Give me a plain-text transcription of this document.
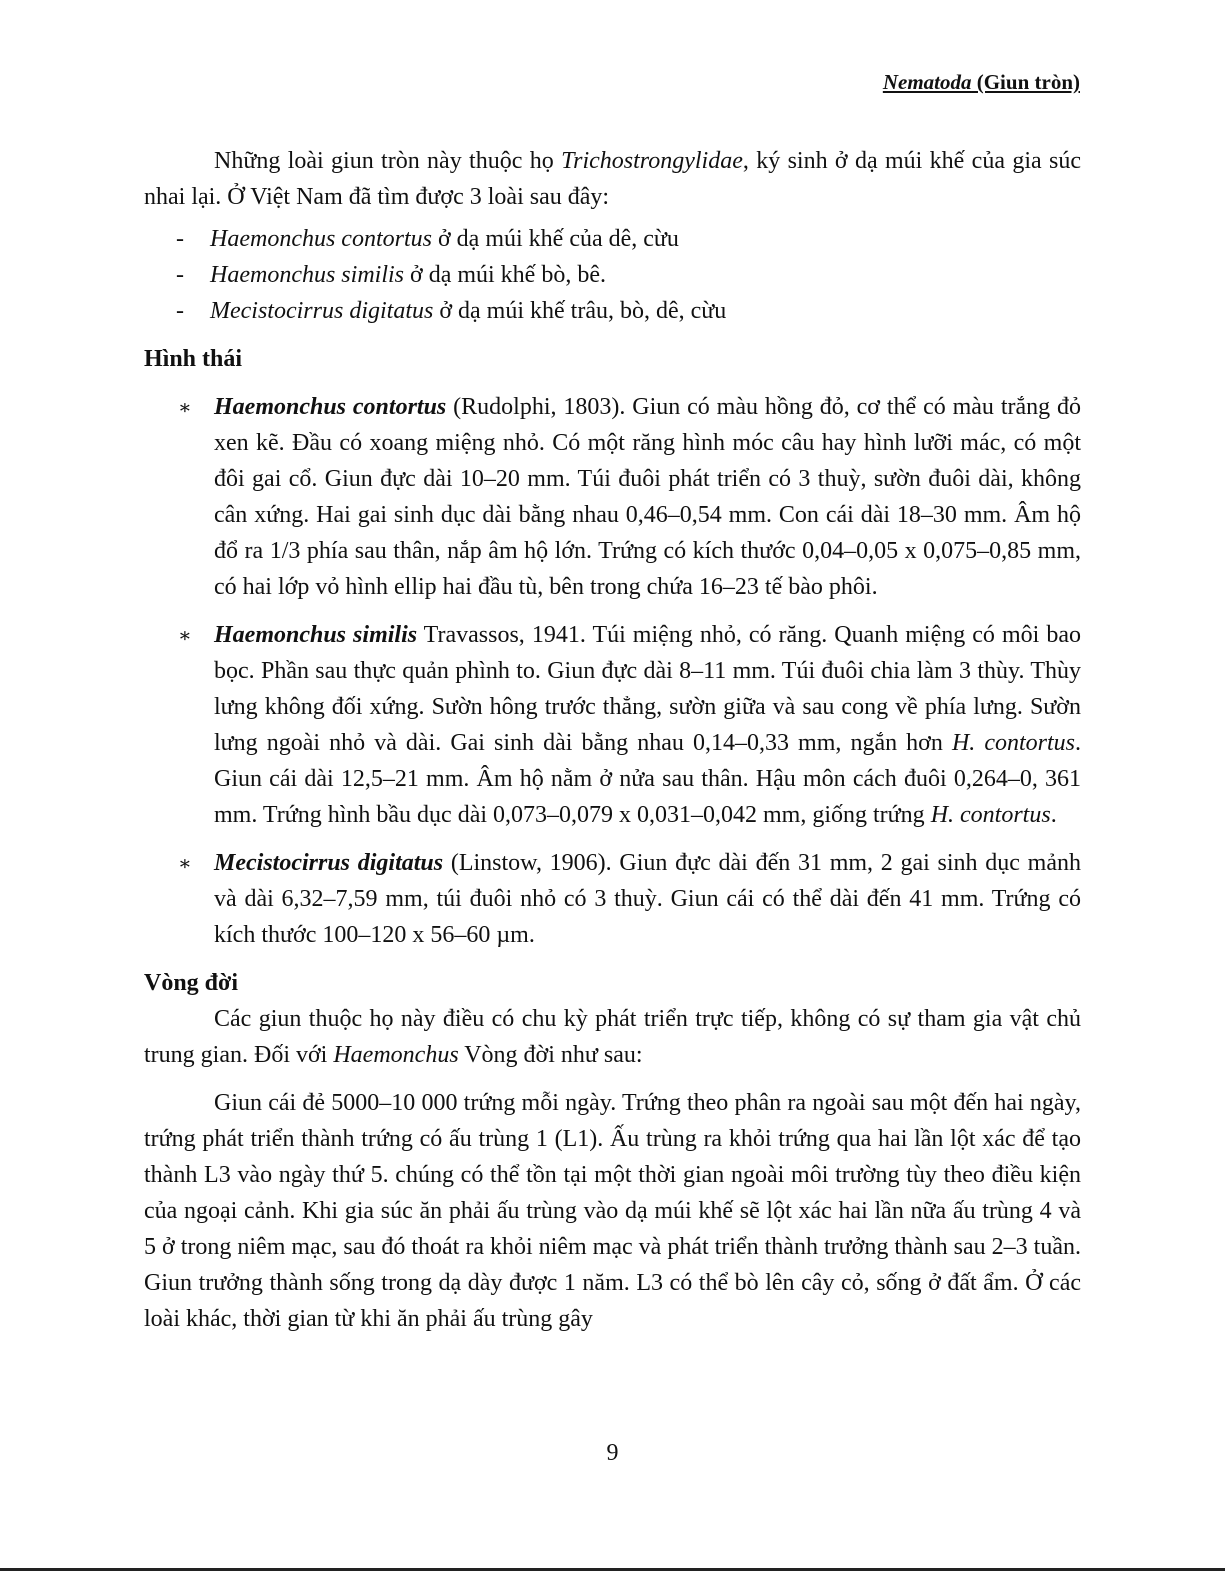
Nematoda (Giun tròn)

Những loài giun tròn này thuộc họ Trichostrongylidae, ký sinh ở dạ múi khế của gia súc nhai lại. Ở Việt Nam đã tìm được 3 loài sau đây:

- Haemonchus contortus ở dạ múi khế của dê, cừu
- Haemonchus similis ở dạ múi khế bò, bê.
- Mecistocirrus digitatus ở dạ múi khế trâu, bò, dê, cừu
Hình thái
∗ Haemonchus contortus (Rudolphi, 1803). Giun có màu hồng đỏ, cơ thể có màu trắng đỏ xen kẽ. Đầu có xoang miệng nhỏ. Có một răng hình móc câu hay hình lưỡi mác, có một đôi gai cổ. Giun đực dài 10–20 mm. Túi đuôi phát triển có 3 thuỳ, sườn đuôi dài, không cân xứng. Hai gai sinh dục dài bằng nhau 0,46–0,54 mm. Con cái dài 18–30 mm. Âm hộ đổ ra 1/3 phía sau thân, nắp âm hộ lớn. Trứng có kích thước 0,04–0,05 x 0,075–0,85 mm, có hai lớp vỏ hình ellip hai đầu tù, bên trong chứa 16–23 tế bào phôi.
∗ Haemonchus similis Travassos, 1941. Túi miệng nhỏ, có răng. Quanh miệng có môi bao bọc. Phần sau thực quản phình to. Giun đực dài 8–11 mm. Túi đuôi chia làm 3 thùy. Thùy lưng không đối xứng. Sườn hông trước thẳng, sườn giữa và sau cong về phía lưng. Sườn lưng ngoài nhỏ và dài. Gai sinh dài bằng nhau 0,14–0,33 mm, ngắn hơn H. contortus. Giun cái dài 12,5–21 mm. Âm hộ nằm ở nửa sau thân. Hậu môn cách đuôi 0,264–0, 361 mm. Trứng hình bầu dục dài 0,073–0,079 x 0,031–0,042 mm, giống trứng H. contortus.
∗ Mecistocirrus digitatus (Linstow, 1906). Giun đực dài đến 31 mm, 2 gai sinh dục mảnh và dài 6,32–7,59 mm, túi đuôi nhỏ có 3 thuỳ. Giun cái có thể dài đến 41 mm. Trứng có kích thước 100–120 x 56–60 µm.
Vòng đời

Các giun thuộc họ này điều có chu kỳ phát triển trực tiếp, không có sự tham gia vật chủ trung gian. Đối với Haemonchus Vòng đời như sau:

Giun cái đẻ 5000–10 000 trứng mỗi ngày. Trứng theo phân ra ngoài sau một đến hai ngày, trứng phát triển thành trứng có ấu trùng 1 (L1). Ấu trùng ra khỏi trứng qua hai lần lột xác để tạo thành L3 vào ngày thứ 5. chúng có thể tồn tại một thời gian ngoài môi trường tùy theo điều kiện của ngoại cảnh. Khi gia súc ăn phải ấu trùng vào dạ múi khế sẽ lột xác hai lần nữa ấu trùng 4 và 5 ở trong niêm mạc, sau đó thoát ra khỏi niêm mạc và phát triển thành trưởng thành sau 2–3 tuần. Giun trưởng thành sống trong dạ dày được 1 năm. L3 có thể bò lên cây cỏ, sống ở đất ẩm. Ở các loài khác, thời gian từ khi ăn phải ấu trùng gây

9
